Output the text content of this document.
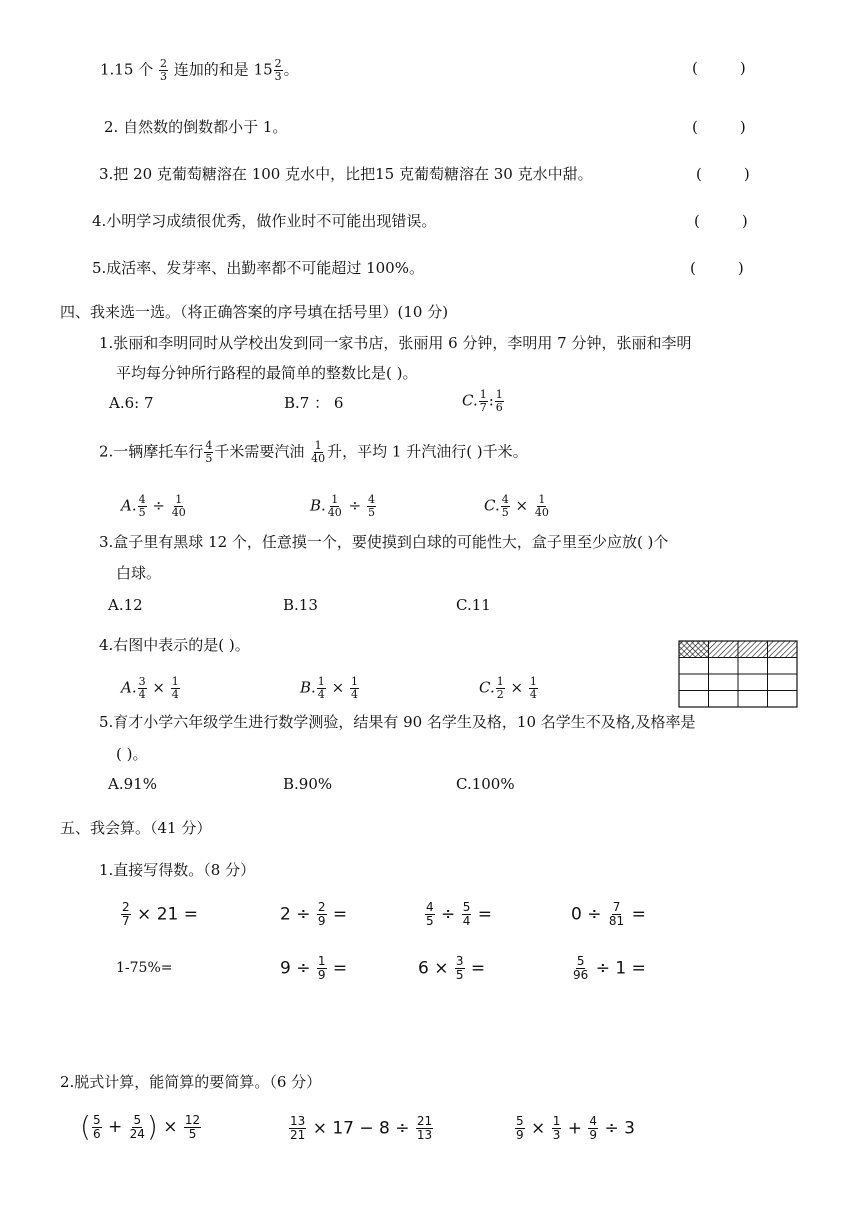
1.15 个 $\frac{2}{3}$ 连加的和是 $15 \frac{2}{3}$ 。	(	)
2. 自然数的倒数都小于 1。	(	)
3.把 20 克葡萄糖溶在 100 克水中，比把15 克葡萄糖溶在 30 克水中甜。	(	)
4.小明学习成绩很优秀，做作业时不可能出现错误。	(	)
5.成活率、发芽率、出勤率都不可能超过 100%。	(	)
四、我来选一选。（将正确答案的序号填在括号里）(10 分)
1.张丽和李明同时从学校出发到同一家书店，张丽用 6 分钟，李明用 7 分钟，张丽和李明
平均每分钟所行路程的最简单的整数比是( )。
A.6: 7	B.7 ： 6	C. $\frac{1}{7}$ : $\frac{1}{6}$
2.一辆摩托车行 $\frac{4}{5}$ 千米需要汽油 $\frac{1}{40}$ 升，平均 1 升汽油行( )千米。
A. $\frac{4}{5} \div \frac{1}{40}$	B. $\frac{1}{40} \div \frac{4}{5}$	C. $\frac{4}{5} \times \frac{1}{40}$
3.盒子里有黑球 12 个，任意摸一个，要使摸到白球的可能性大，盒子里至少应放( )个
白球。
A.12	B.13	C.11
4.右图中表示的是( )。
A. $\frac{3}{4} \times \frac{1}{4}$	B. $\frac{1}{4} \times \frac{1}{4}$	C. $\frac{1}{2} \times \frac{1}{4}$
5.育才小学六年级学生进行数学测验，结果有 90 名学生及格，10 名学生不及格,及格率是
( )。
A.91%	B.90%	C.100%
五、我会算。（41 分）
1.直接写得数。（8 分）
$\frac{2}{7} \times 21$ =	$2 \div \frac{2}{9}$ =	$\frac{4}{5} \div \frac{5}{4}$ =	$0 \div \frac{7}{81}$ =
1-75%=	$9 \div \frac{1}{9}$ =	$6 \times \frac{3}{5}$ =	$\frac{5}{96} \div 1$ =
2.脱式计算，能简算的要简算。（6 分）
( $\frac{5}{6} + \frac{5}{24}$ ) × $\frac{12}{5}$	$\frac{13}{21} \times 17 - 8 \div \frac{21}{13}$	$\frac{5}{9} \times \frac{1}{3} + \frac{4}{9} \div 3$
